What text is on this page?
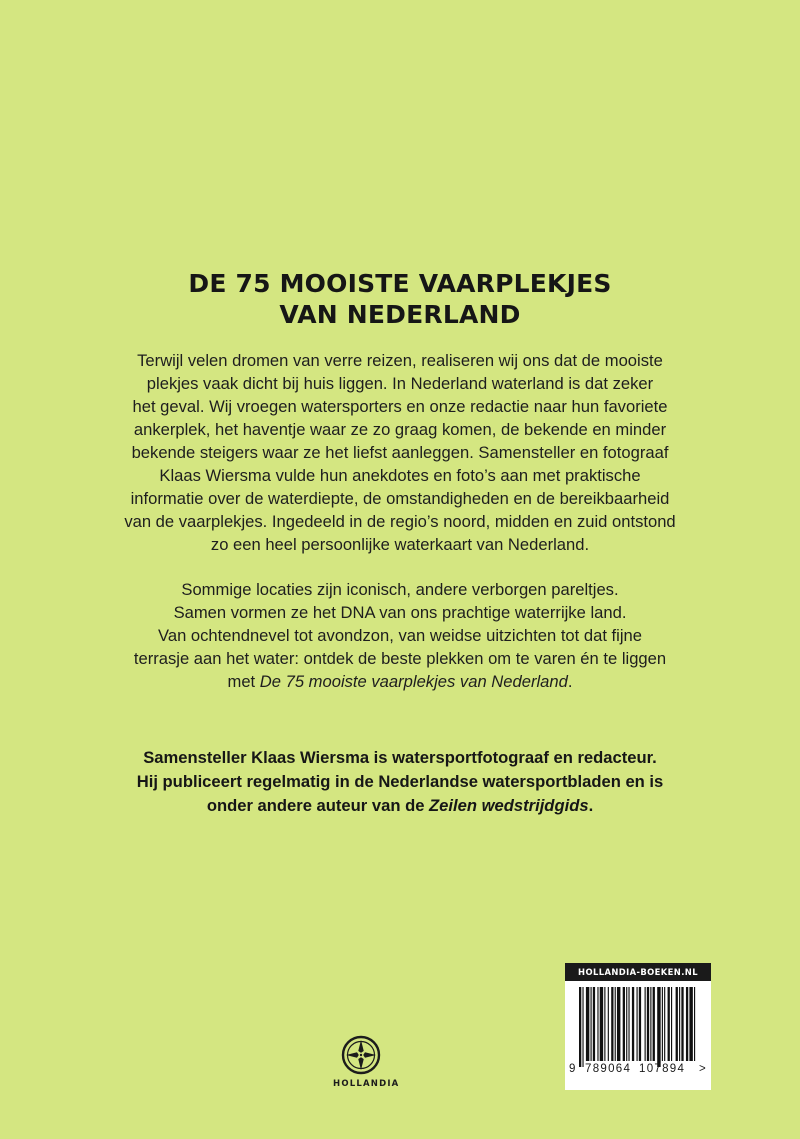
DE 75 MOOISTE VAARPLEKJES
VAN NEDERLAND
Terwijl velen dromen van verre reizen, realiseren wij ons dat de mooiste
plekjes vaak dicht bij huis liggen. In Nederland waterland is dat zeker
het geval. Wij vroegen watersporters en onze redactie naar hun favoriete
ankerplek, het haventje waar ze zo graag komen, de bekende en minder
bekende steigers waar ze het liefst aanleggen. Samensteller en fotograaf
Klaas Wiersma vulde hun anekdotes en foto’s aan met praktische
informatie over de waterdiepte, de omstandigheden en de bereikbaarheid
van de vaarplekjes. Ingedeeld in de regio’s noord, midden en zuid ontstond
zo een heel persoonlijke waterkaart van Nederland.
Sommige locaties zijn iconisch, andere verborgen pareltjes.
Samen vormen ze het DNA van ons prachtige waterrijke land.
Van ochtendnevel tot avondzon, van weidse uitzichten tot dat fijne
terrasje aan het water: ontdek de beste plekken om te varen én te liggen
met De 75 mooiste vaarplekjes van Nederland.
Samensteller Klaas Wiersma is watersportfotograaf en redacteur.
Hij publiceert regelmatig in de Nederlandse watersportbladen en is
onder andere auteur van de Zeilen wedstrijdgids.
HOLLANDIA
HOLLANDIA-BOEKEN.NL
9 789064 107894 >
